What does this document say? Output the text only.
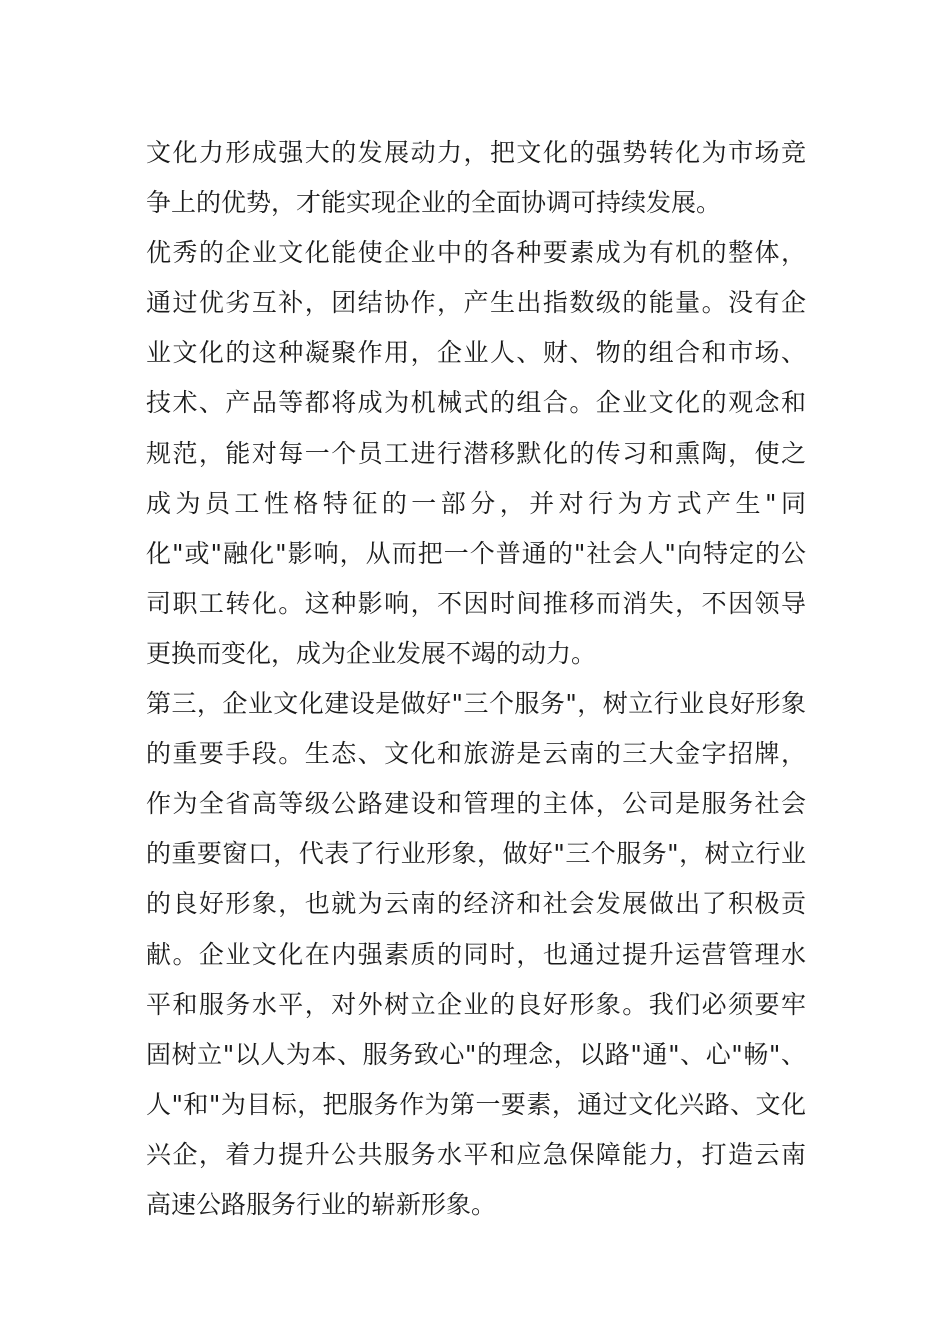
文化力形成强大的发展动力，把文化的强势转化为市场竞
争上的优势，才能实现企业的全面协调可持续发展。
优秀的企业文化能使企业中的各种要素成为有机的整体，
通过优劣互补，团结协作，产生出指数级的能量。没有企
业文化的这种凝聚作用，企业人、财、物的组合和市场、
技术、产品等都将成为机械式的组合。企业文化的观念和
规范，能对每一个员工进行潜移默化的传习和熏陶，使之
成为员工性格特征的一部分，并对行为方式产生"同
化"或"融化"影响，从而把一个普通的"社会人"向特定的公
司职工转化。这种影响，不因时间推移而消失，不因领导
更换而变化，成为企业发展不竭的动力。
第三，企业文化建设是做好"三个服务"，树立行业良好形象
的重要手段。生态、文化和旅游是云南的三大金字招牌，
作为全省高等级公路建设和管理的主体，公司是服务社会
的重要窗口，代表了行业形象，做好"三个服务"，树立行业
的良好形象，也就为云南的经济和社会发展做出了积极贡
献。企业文化在内强素质的同时，也通过提升运营管理水
平和服务水平，对外树立企业的良好形象。我们必须要牢
固树立"以人为本、服务致心"的理念，以路"通"、心"畅"、
人"和"为目标，把服务作为第一要素，通过文化兴路、文化
兴企，着力提升公共服务水平和应急保障能力，打造云南
高速公路服务行业的崭新形象。
